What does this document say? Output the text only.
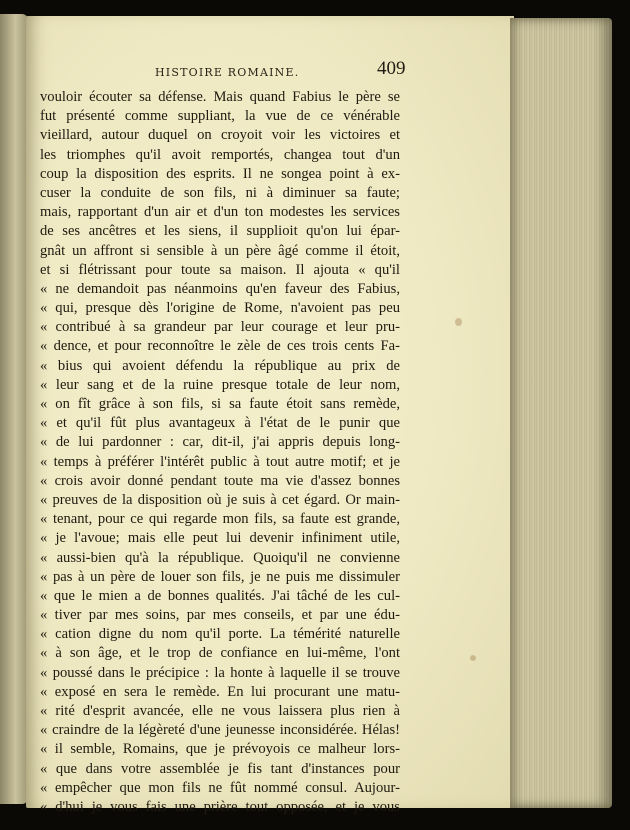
HISTOIRE ROMAINE.	409
vouloir écouter sa défense. Mais quand Fabius le père se
fut présenté comme suppliant, la vue de ce vénérable
vieillard, autour duquel on croyoit voir les victoires et
les triomphes qu'il avoit remportés, changea tout d'un
coup la disposition des esprits. Il ne songea point à ex-
cuser la conduite de son fils, ni à diminuer sa faute;
mais, rapportant d'un air et d'un ton modestes les services
de ses ancêtres et les siens, il supplioit qu'on lui épar-
gnât un affront si sensible à un père âgé comme il étoit,
et si flétrissant pour toute sa maison. Il ajouta « qu'il
« ne demandoit pas néanmoins qu'en faveur des Fabius,
« qui, presque dès l'origine de Rome, n'avoient pas peu
« contribué à sa grandeur par leur courage et leur pru-
« dence, et pour reconnoître le zèle de ces trois cents Fa-
« bius qui avoient défendu la république au prix de
« leur sang et de la ruine presque totale de leur nom,
« on fît grâce à son fils, si sa faute étoit sans remède,
« et qu'il fût plus avantageux à l'état de le punir que
« de lui pardonner : car, dit-il, j'ai appris depuis long-
« temps à préférer l'intérêt public à tout autre motif; et je
« crois avoir donné pendant toute ma vie d'assez bonnes
« preuves de la disposition où je suis à cet égard. Or main-
« tenant, pour ce qui regarde mon fils, sa faute est grande,
« je l'avoue; mais elle peut lui devenir infiniment utile,
« aussi-bien qu'à la république. Quoiqu'il ne convienne
« pas à un père de louer son fils, je ne puis me dissimuler
« que le mien a de bonnes qualités. J'ai tâché de les cul-
« tiver par mes soins, par mes conseils, et par une édu-
« cation digne du nom qu'il porte. La témérité naturelle
« à son âge, et le trop de confiance en lui-même, l'ont
« poussé dans le précipice : la honte à laquelle il se trouve
« exposé en sera le remède. En lui procurant une matu-
« rité d'esprit avancée, elle ne vous laissera plus rien à
« craindre de la légèreté d'une jeunesse inconsidérée. Hélas!
« il semble, Romains, que je prévoyois ce malheur lors-
« que dans votre assemblée je fis tant d'instances pour
« empêcher que mon fils ne fût nommé consul. Aujour-
« d'hui je vous fais une prière tout opposée, et je vous
